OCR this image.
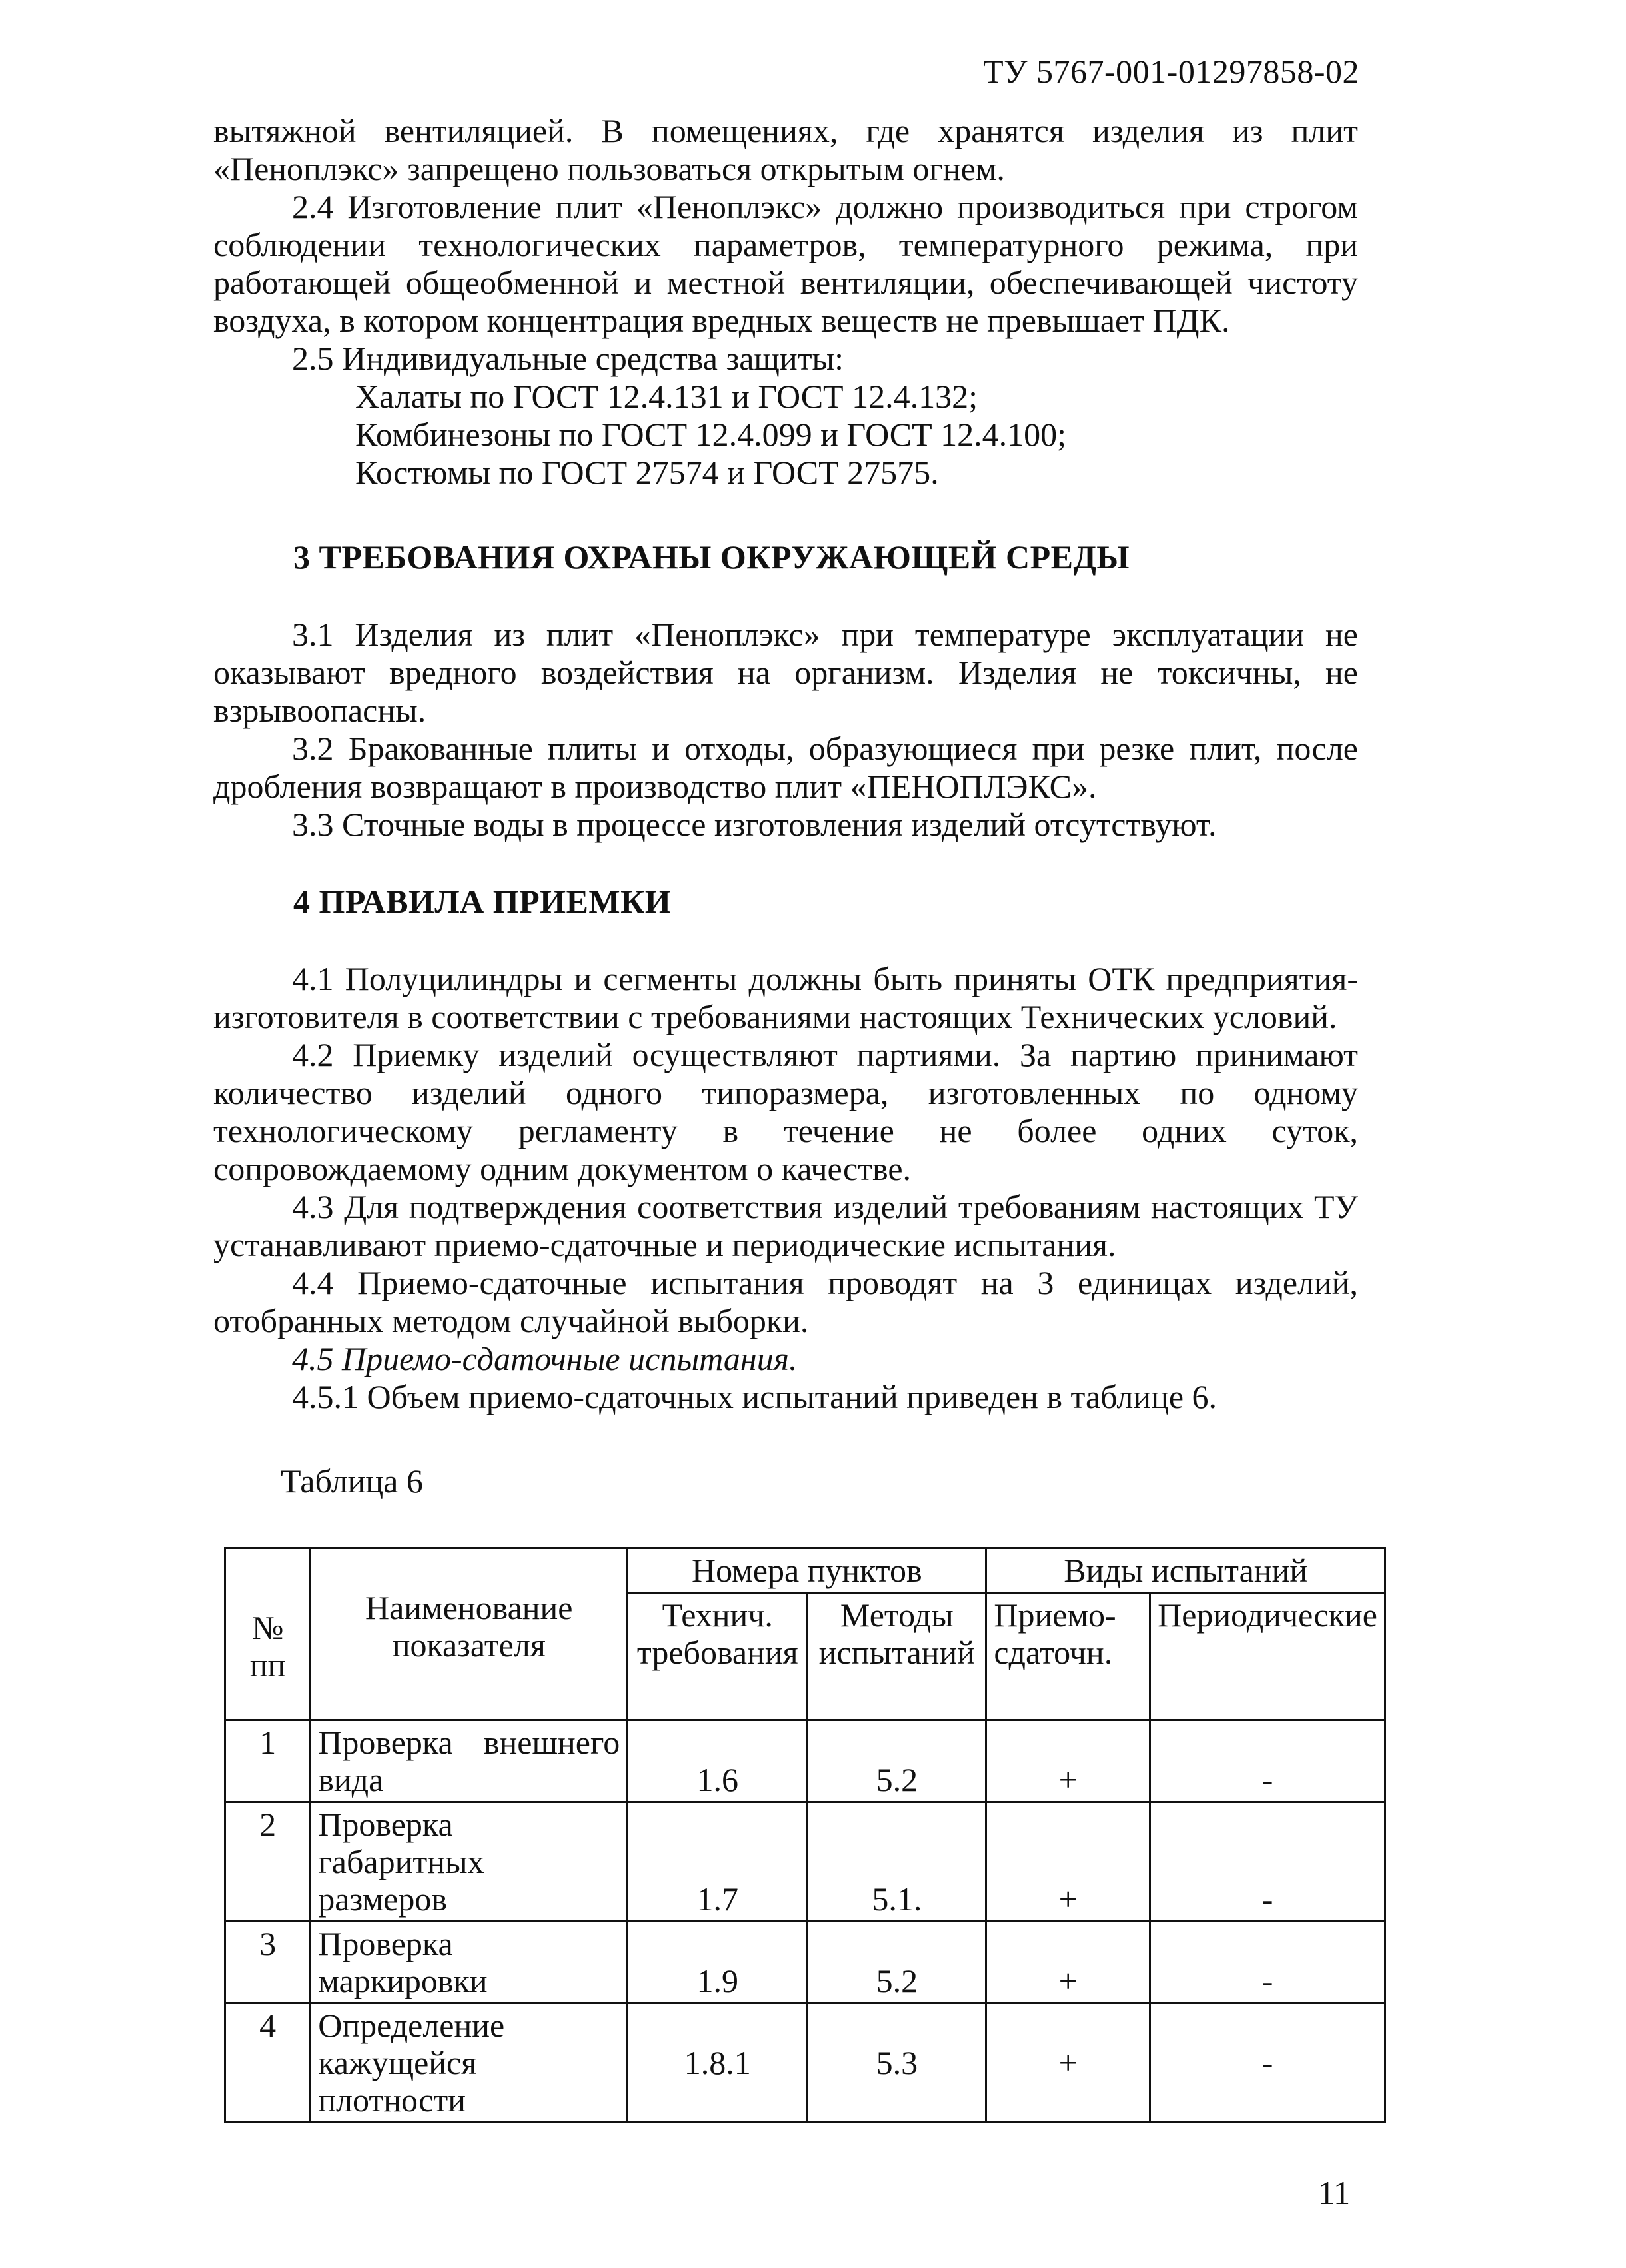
ТУ 5767-001-01297858-02

вытяжной вентиляцией. В помещениях, где хранятся изделия из плит «Пеноплэкс» запрещено пользоваться открытым огнем.

2.4 Изготовление плит «Пеноплэкс» должно производиться при строгом соблюдении технологических параметров, температурного режима, при работающей общеобменной и местной вентиляции, обеспечивающей чистоту воздуха, в котором концентрация вредных веществ не превышает ПДК.

2.5 Индивидуальные средства защиты:

Халаты по ГОСТ 12.4.131 и ГОСТ 12.4.132;

Комбинезоны по ГОСТ 12.4.099 и ГОСТ 12.4.100;

Костюмы по ГОСТ 27574 и ГОСТ 27575.

3 ТРЕБОВАНИЯ ОХРАНЫ ОКРУЖАЮЩЕЙ СРЕДЫ

3.1 Изделия из плит «Пеноплэкс» при температуре эксплуатации не оказывают вредного воздействия на организм. Изделия не токсичны, не взрывоопасны.

3.2 Бракованные плиты и отходы, образующиеся при резке плит, после дробления возвращают в производство плит «ПЕНОПЛЭКС».

3.3 Сточные воды в процессе изготовления изделий отсутствуют.

4 ПРАВИЛА ПРИЕМКИ

4.1 Полуцилиндры и сегменты должны быть приняты ОТК предприятия-изготовителя в соответствии с требованиями настоящих Технических условий.

4.2 Приемку изделий осуществляют партиями. За партию принимают количество изделий одного типоразмера, изготовленных по одному технологическому регламенту в течение не более одних суток, сопровождаемому одним документом о качестве.

4.3 Для подтверждения соответствия изделий требованиям настоящих ТУ устанавливают приемо-сдаточные и периодические испытания.

4.4 Приемо-сдаточные испытания проводят на 3 единицах изделий, отобранных методом случайной выборки.

4.5 Приемо-сдаточные испытания.

4.5.1 Объем приемо-сдаточных испытаний приведен в таблице 6.

Таблица 6
№ пп	Наименование показателя	Номера пунктов		Виды испытаний	
		Технич. требования	Методы испытаний	Приемо-сдаточн.	Периодические
1	Проверка внешнего вида	1.6	5.2	+	-
2	Проверка габаритных размеров	1.7	5.1.	+	-
3	Проверка маркировки	1.9	5.2	+	-
4	Определение кажущейся плотности	1.8.1	5.3	+	-
11
